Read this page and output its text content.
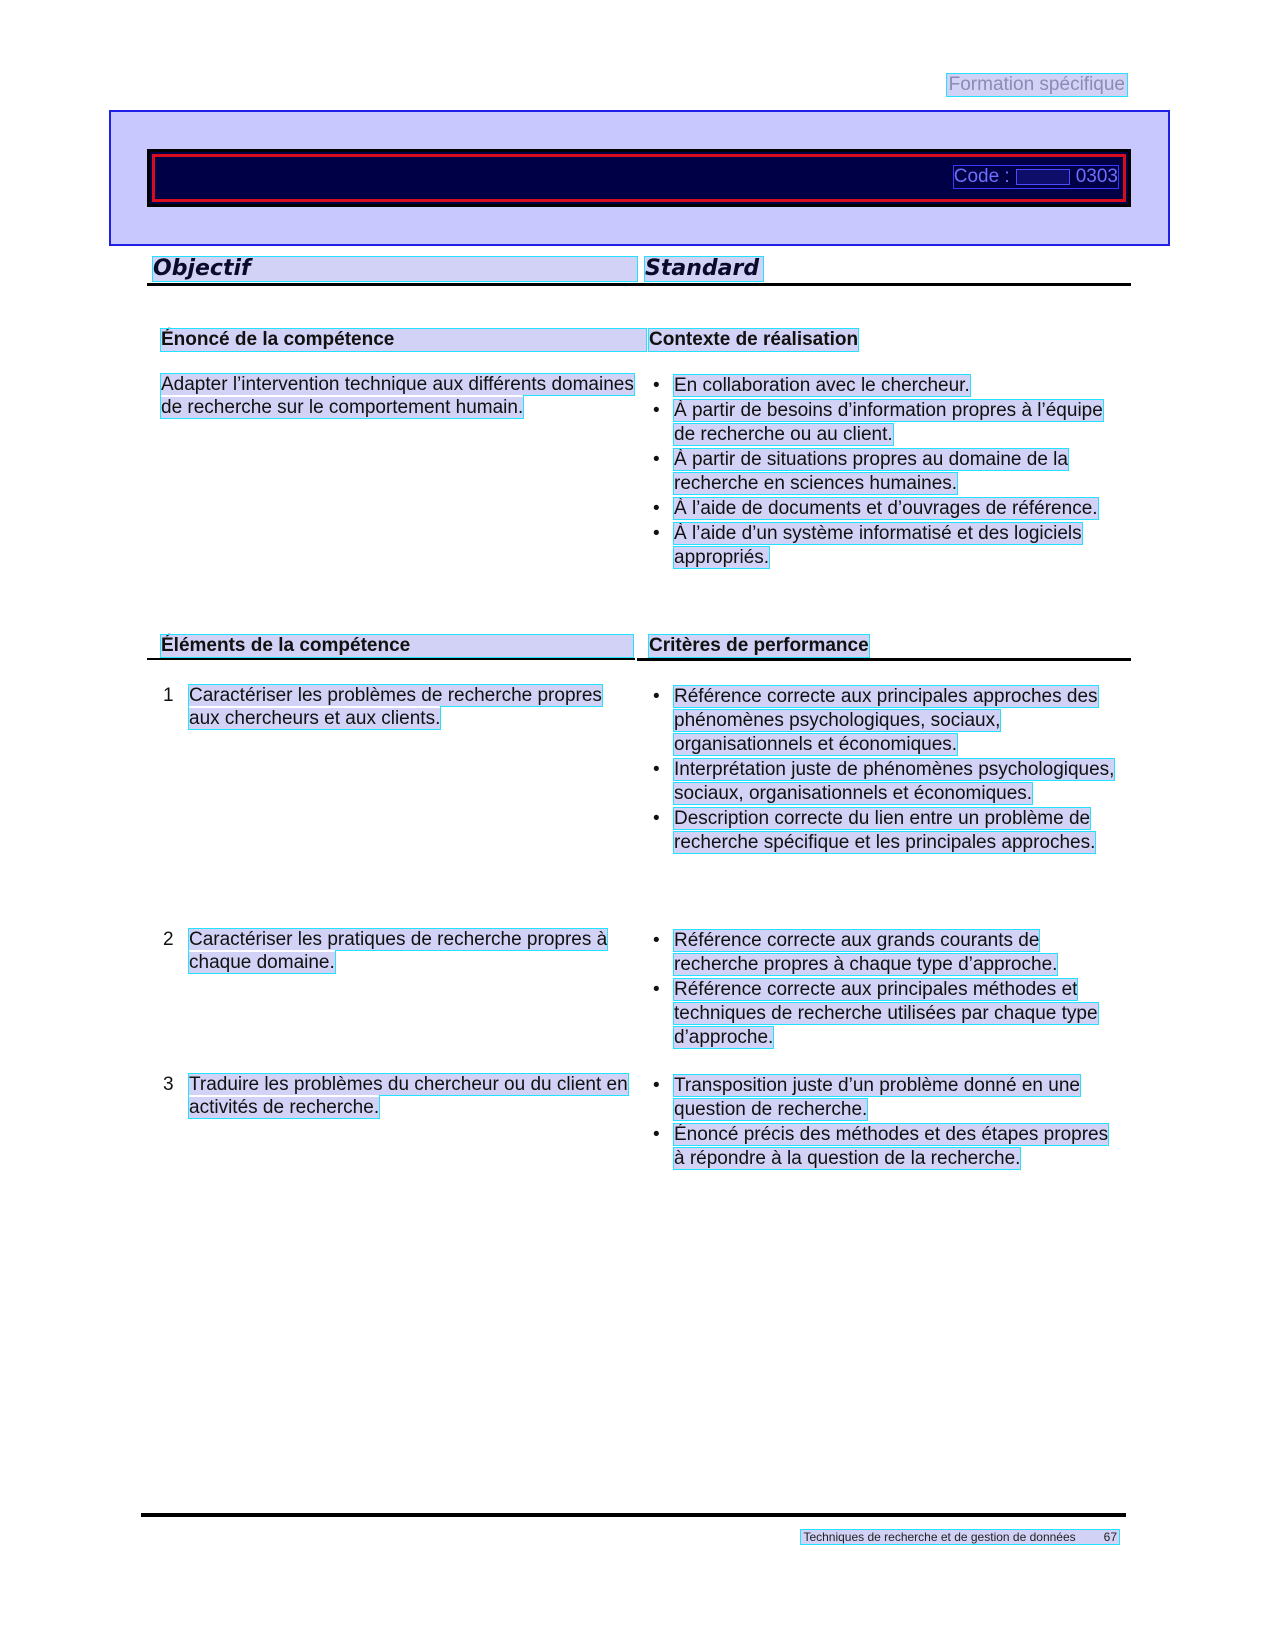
Formation spécifique
Code :	0303
Objectif	Standard
Énoncé de la compétence	Contexte de réalisation
Adapter l’intervention technique aux différents domaines de recherche sur le comportement humain.
• En collaboration avec le chercheur.
• À partir de besoins d’information propres à l’équipe de recherche ou au client.
• À partir de situations propres au domaine de la recherche en sciences humaines.
• À l’aide de documents et d’ouvrages de référence.
• À l’aide d’un système informatisé et des logiciels appropriés.
Éléments de la compétence	Critères de performance
1 Caractériser les problèmes de recherche propres aux chercheurs et aux clients.
• Référence correcte aux principales approches des phénomènes psychologiques, sociaux, organisationnels et économiques.
• Interprétation juste de phénomènes psychologiques, sociaux, organisationnels et économiques.
• Description correcte du lien entre un problème de recherche spécifique et les principales approches.
2 Caractériser les pratiques de recherche propres à chaque domaine.
• Référence correcte aux grands courants de recherche propres à chaque type d’approche.
• Référence correcte aux principales méthodes et techniques de recherche utilisées par chaque type d’approche.
3 Traduire les problèmes du chercheur ou du client en activités de recherche.
• Transposition juste d’un problème donné en une question de recherche.
• Énoncé précis des méthodes et des étapes propres à répondre à la question de la recherche.
Techniques de recherche et de gestion de données 67
